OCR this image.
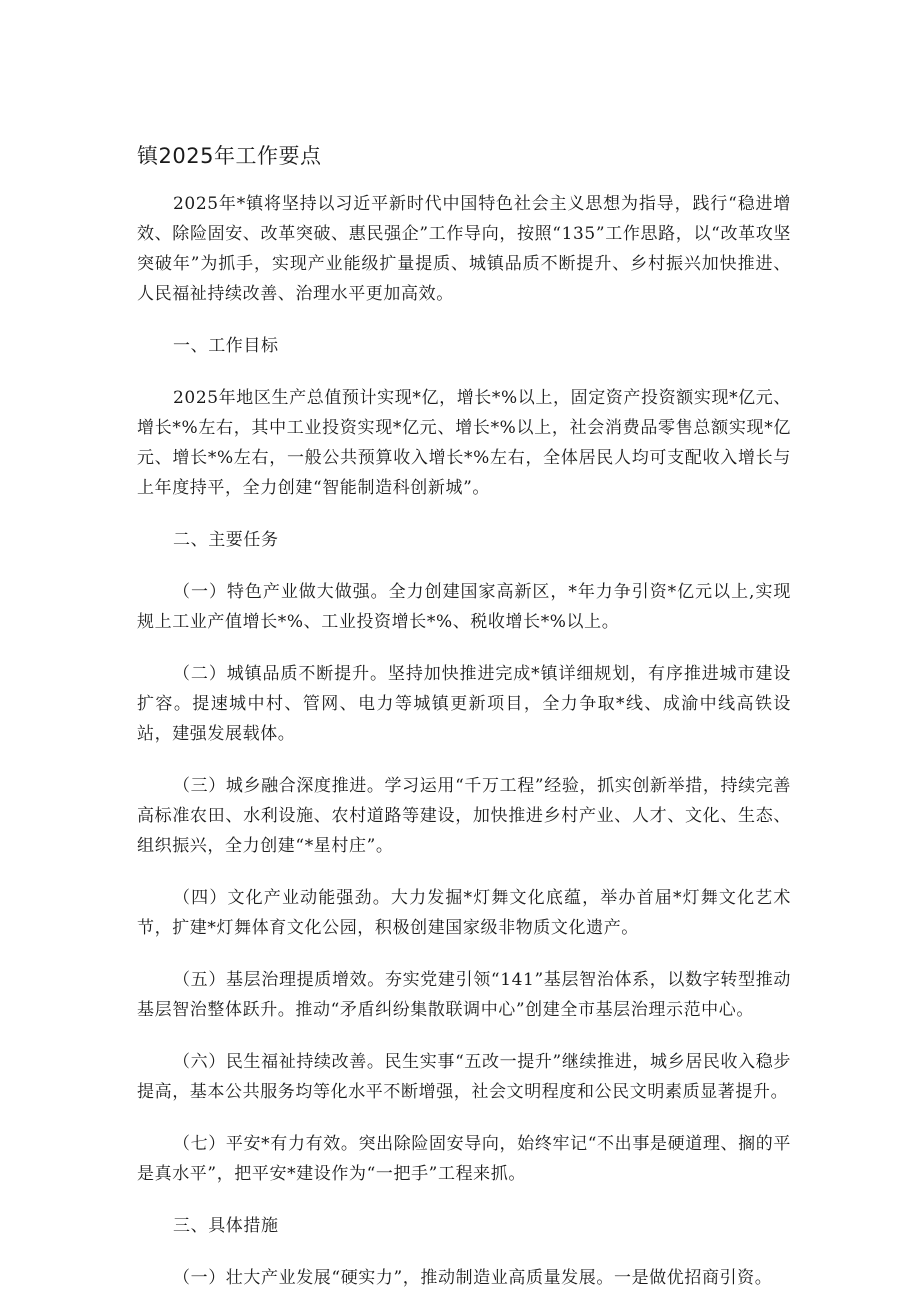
镇2025年工作要点

2025年*镇将坚持以习近平新时代中国特色社会主义思想为指导，践行“稳进增效、除险固安、改革突破、惠民强企”工作导向，按照“135”工作思路，以“改革攻坚突破年”为抓手，实现产业能级扩量提质、城镇品质不断提升、乡村振兴加快推进、人民福祉持续改善、治理水平更加高效。

一、工作目标

2025年地区生产总值预计实现*亿，增长*%以上，固定资产投资额实现*亿元、增长*%左右，其中工业投资实现*亿元、增长*%以上，社会消费品零售总额实现*亿元、增长*%左右，一般公共预算收入增长*%左右，全体居民人均可支配收入增长与上年度持平，全力创建“智能制造科创新城”。

二、主要任务

（一）特色产业做大做强。全力创建国家高新区，*年力争引资*亿元以上,实现规上工业产值增长*%、工业投资增长*%、税收增长*%以上。

（二）城镇品质不断提升。坚持加快推进完成*镇详细规划，有序推进城市建设扩容。提速城中村、管网、电力等城镇更新项目，全力争取*线、成渝中线高铁设站，建强发展载体。

（三）城乡融合深度推进。学习运用“千万工程”经验，抓实创新举措，持续完善高标准农田、水利设施、农村道路等建设，加快推进乡村产业、人才、文化、生态、组织振兴，全力创建“*星村庄”。

（四）文化产业动能强劲。大力发掘*灯舞文化底蕴，举办首届*灯舞文化艺术节，扩建*灯舞体育文化公园，积极创建国家级非物质文化遗产。

（五）基层治理提质增效。夯实党建引领“141”基层智治体系，以数字转型推动基层智治整体跃升。推动“矛盾纠纷集散联调中心”创建全市基层治理示范中心。

（六）民生福祉持续改善。民生实事“五改一提升”继续推进，城乡居民收入稳步提高，基本公共服务均等化水平不断增强，社会文明程度和公民文明素质显著提升。

（七）平安*有力有效。突出除险固安导向，始终牢记“不出事是硬道理、搁的平是真水平”，把平安*建设作为“一把手”工程来抓。

三、具体措施

（一）壮大产业发展“硬实力”，推动制造业高质量发展。一是做优招商引资。
